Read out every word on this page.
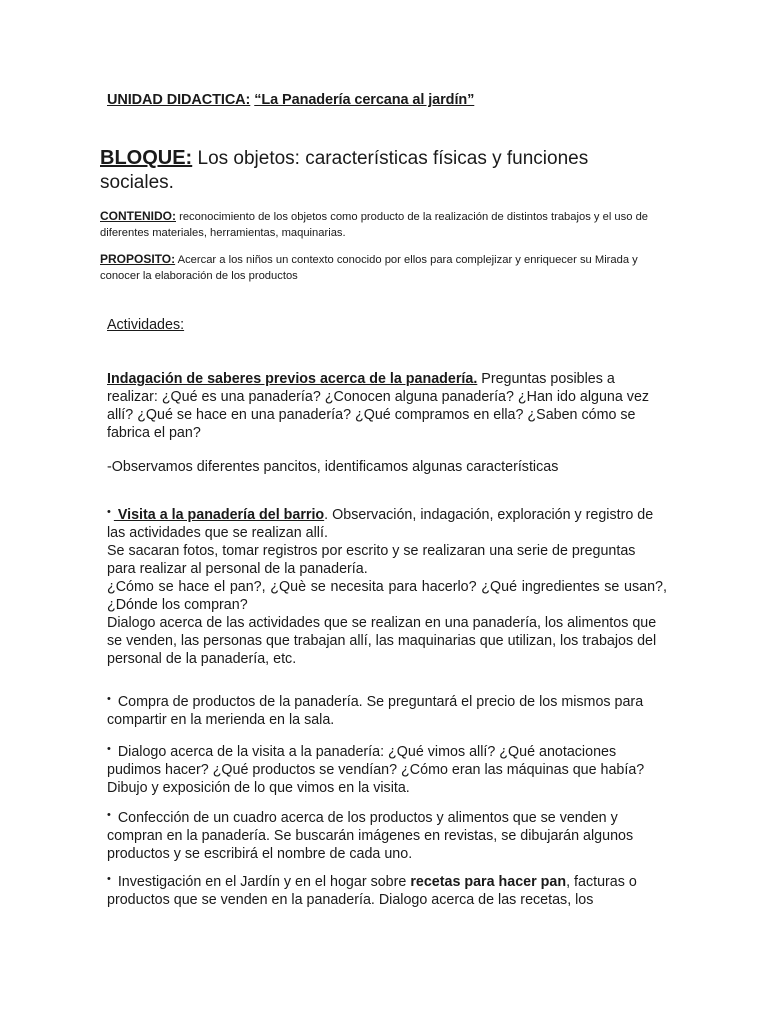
UNIDAD DIDACTICA: “La Panadería cercana al jardín”
BLOQUE: Los objetos: características físicas y funciones sociales.
CONTENIDO: reconocimiento de los objetos como producto de la realización de distintos trabajos y el uso de diferentes materiales, herramientas, maquinarias.
PROPOSITO: Acercar a los niños un contexto conocido por ellos para complejizar y enriquecer su Mirada y conocer la elaboración de los productos
Actividades:
Indagación de saberes previos acerca de la panadería. Preguntas posibles a realizar: ¿Qué es una panadería? ¿Conocen alguna panadería? ¿Han ido alguna vez allí? ¿Qué se hace en una panadería? ¿Qué compramos en ella? ¿Saben cómo se fabrica el pan?
-Observamos diferentes pancitos, identificamos algunas características
• Visita a la panadería del barrio. Observación, indagación, exploración y registro de las actividades que se realizan allí.
Se sacaran fotos, tomar registros por escrito y se realizaran una serie de preguntas para realizar al personal de la panadería.
¿Cómo se hace el pan?, ¿Què se necesita para hacerlo? ¿Qué ingredientes se usan?, ¿Dónde los compran?
Dialogo acerca de las actividades que se realizan en una panadería, los alimentos que se venden, las personas que trabajan allí, las maquinarias que utilizan, los trabajos del personal de la panadería, etc.
• Compra de productos de la panadería. Se preguntará el precio de los mismos para compartir en la merienda en la sala.
• Dialogo acerca de la visita a la panadería: ¿Qué vimos allí? ¿Qué anotaciones pudimos hacer? ¿Qué productos se vendían? ¿Cómo eran las máquinas que había? Dibujo y exposición de lo que vimos en la visita.
• Confección de un cuadro acerca de los productos y alimentos que se venden y compran en la panadería. Se buscarán imágenes en revistas, se dibujarán algunos productos y se escribirá el nombre de cada uno.
• Investigación en el Jardín y en el hogar sobre recetas para hacer pan, facturas o productos que se venden en la panadería. Dialogo acerca de las recetas, los
